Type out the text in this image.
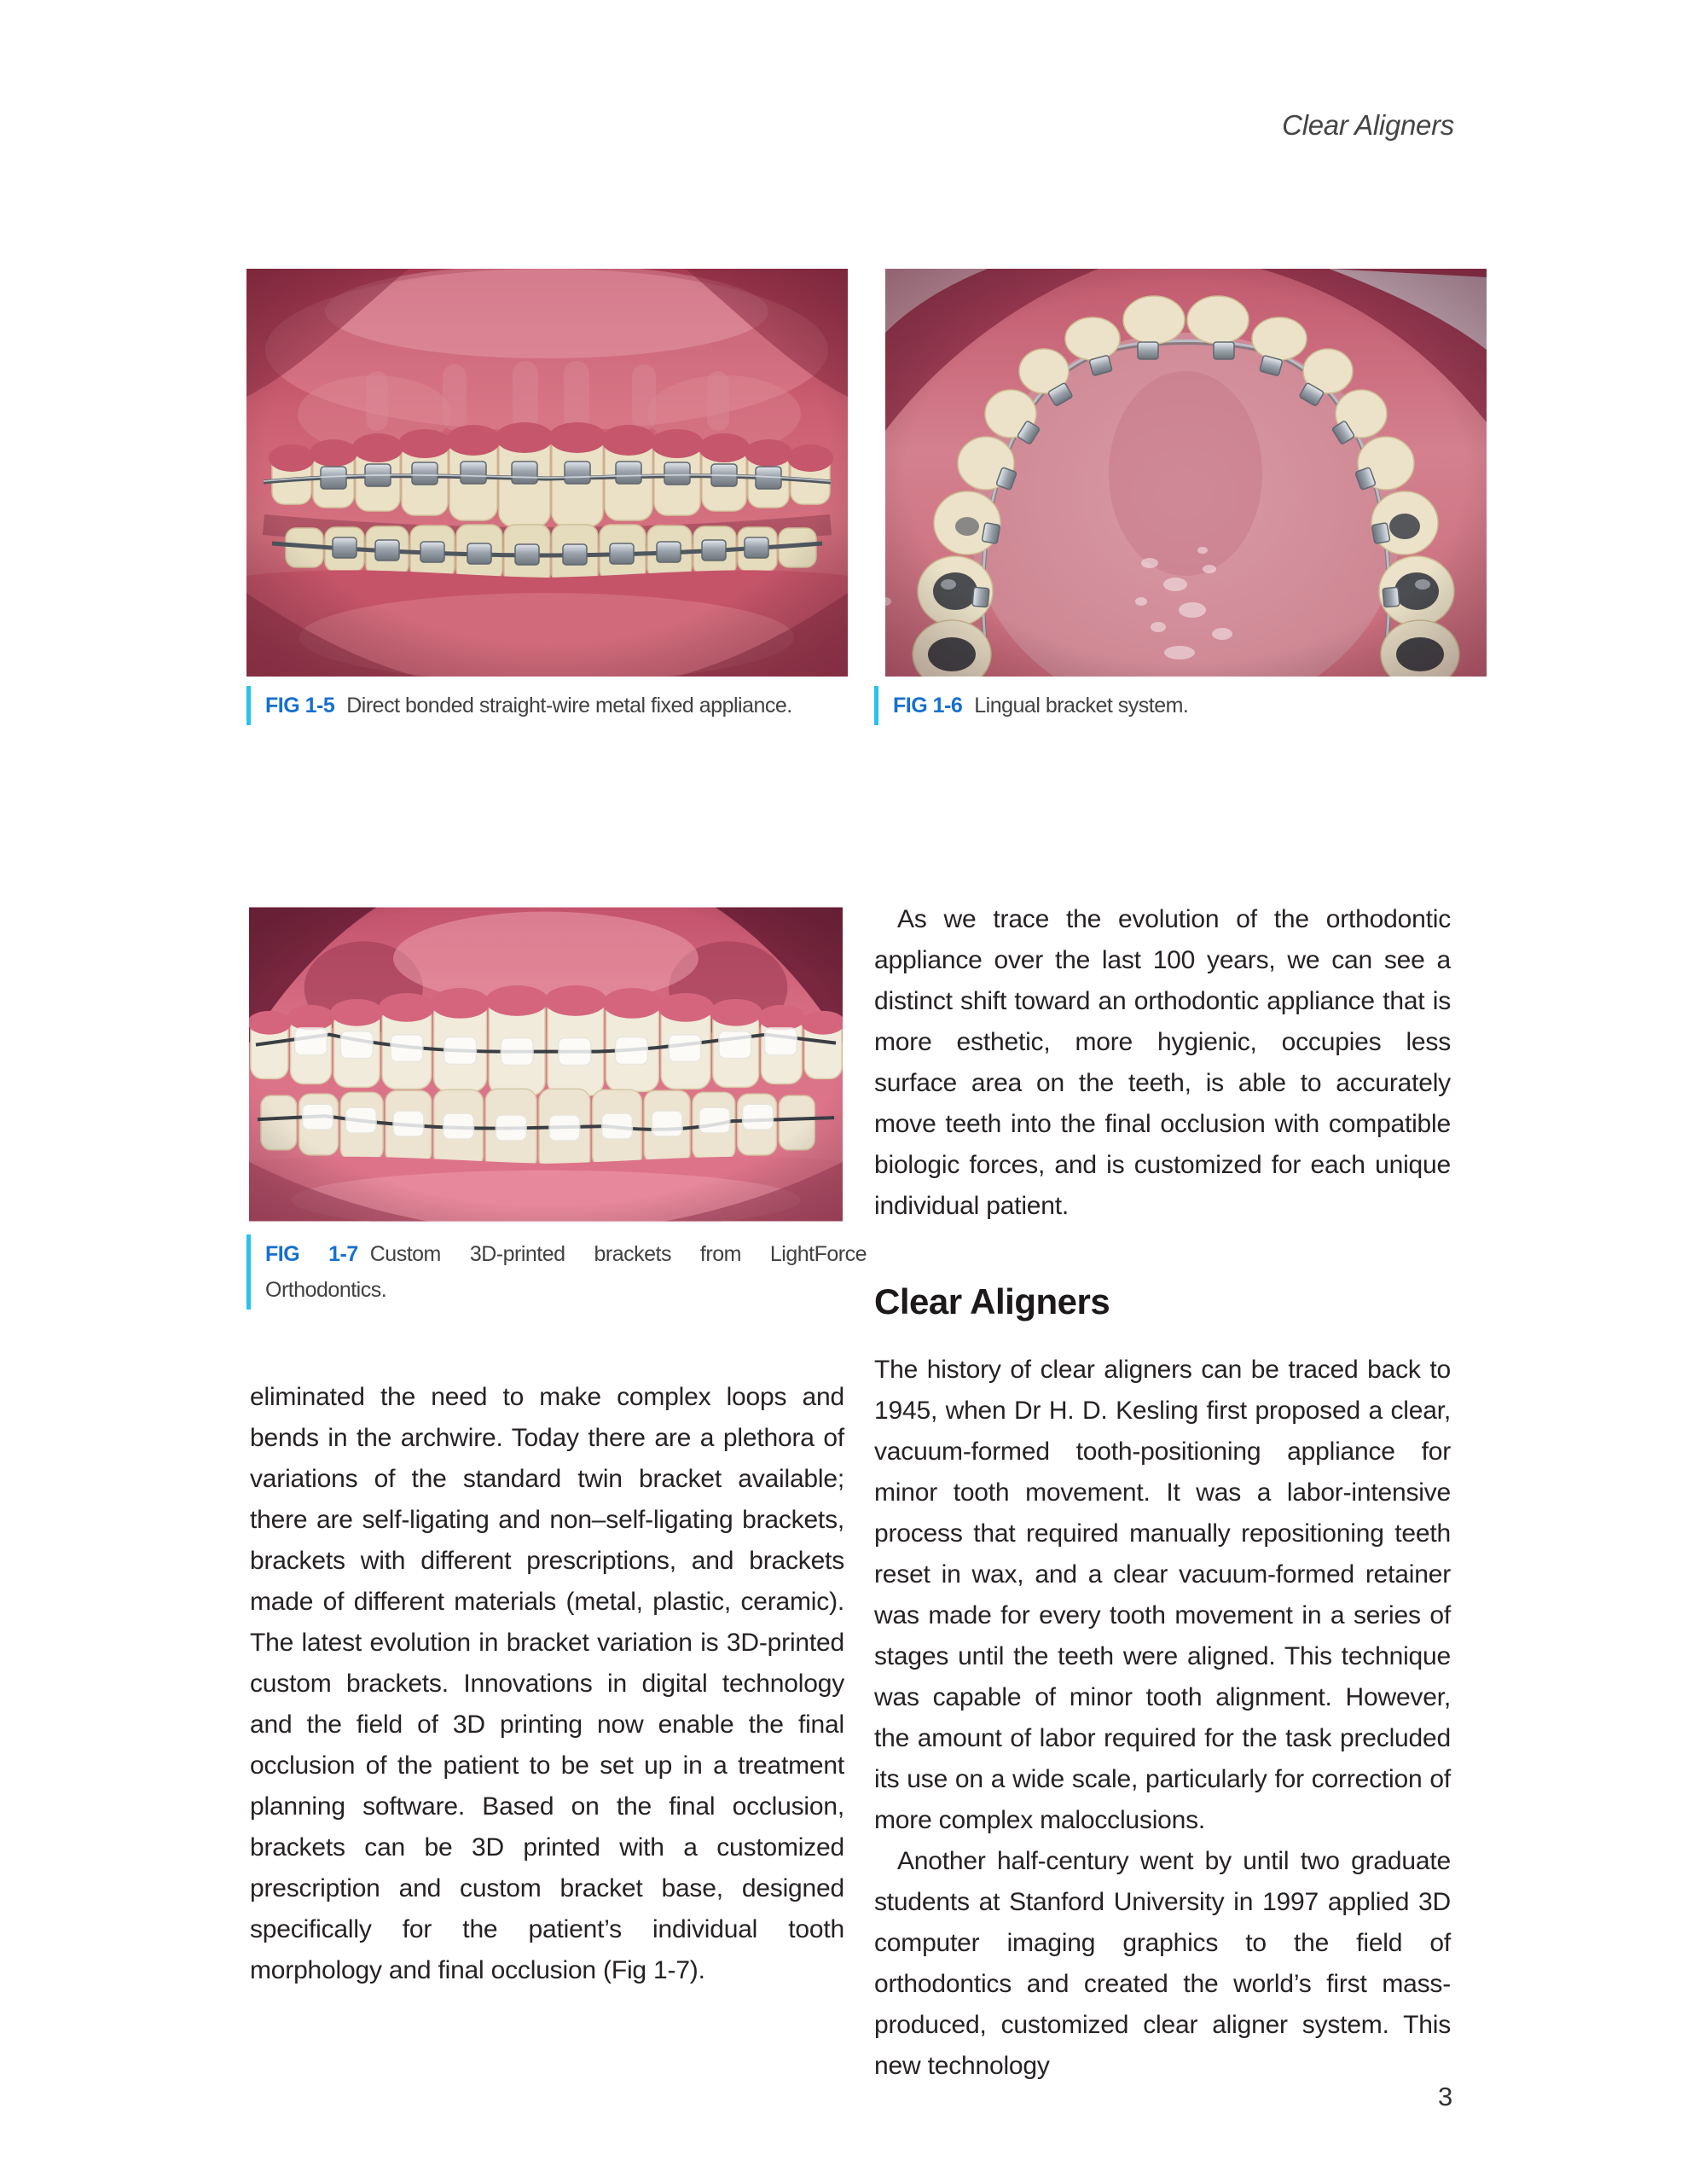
Clear Aligners
FIG 1-5 Direct bonded straight-wire metal fixed appliance.	FIG 1-6 Lingual bracket system.
FIG 1-7 Custom 3D-printed brackets from LightForce Orthodontics.

eliminated the need to make complex loops and bends in the archwire. Today there are a plethora of variations of the standard twin bracket available; there are self-ligating and non–self-ligating brackets, brackets with different prescriptions, and brackets made of different materials (metal, plastic, ceramic). The latest evolution in bracket variation is 3D-printed custom brackets. Innovations in digital technology and the field of 3D printing now enable the final occlusion of the patient to be set up in a treatment planning software. Based on the final occlusion, brackets can be 3D printed with a customized prescription and custom bracket base, designed specifically for the patient’s individual tooth morphology and final occlusion (Fig 1-7).

As we trace the evolution of the orthodontic appliance over the last 100 years, we can see a distinct shift toward an orthodontic appliance that is more esthetic, more hygienic, occupies less surface area on the teeth, is able to accurately move teeth into the final occlusion with compatible biologic forces, and is customized for each unique individual patient.

Clear Aligners

The history of clear aligners can be traced back to 1945, when Dr H. D. Kesling first proposed a clear, vacuum-formed tooth-positioning appliance for minor tooth movement. It was a labor-intensive process that required manually repositioning teeth reset in wax, and a clear vacuum-formed retainer was made for every tooth movement in a series of stages until the teeth were aligned. This technique was capable of minor tooth alignment. However, the amount of labor required for the task precluded its use on a wide scale, particularly for correction of more complex malocclusions.

Another half-century went by until two graduate students at Stanford University in 1997 applied 3D computer imaging graphics to the field of orthodontics and created the world’s first mass-produced, customized clear aligner system. This new technology

3
